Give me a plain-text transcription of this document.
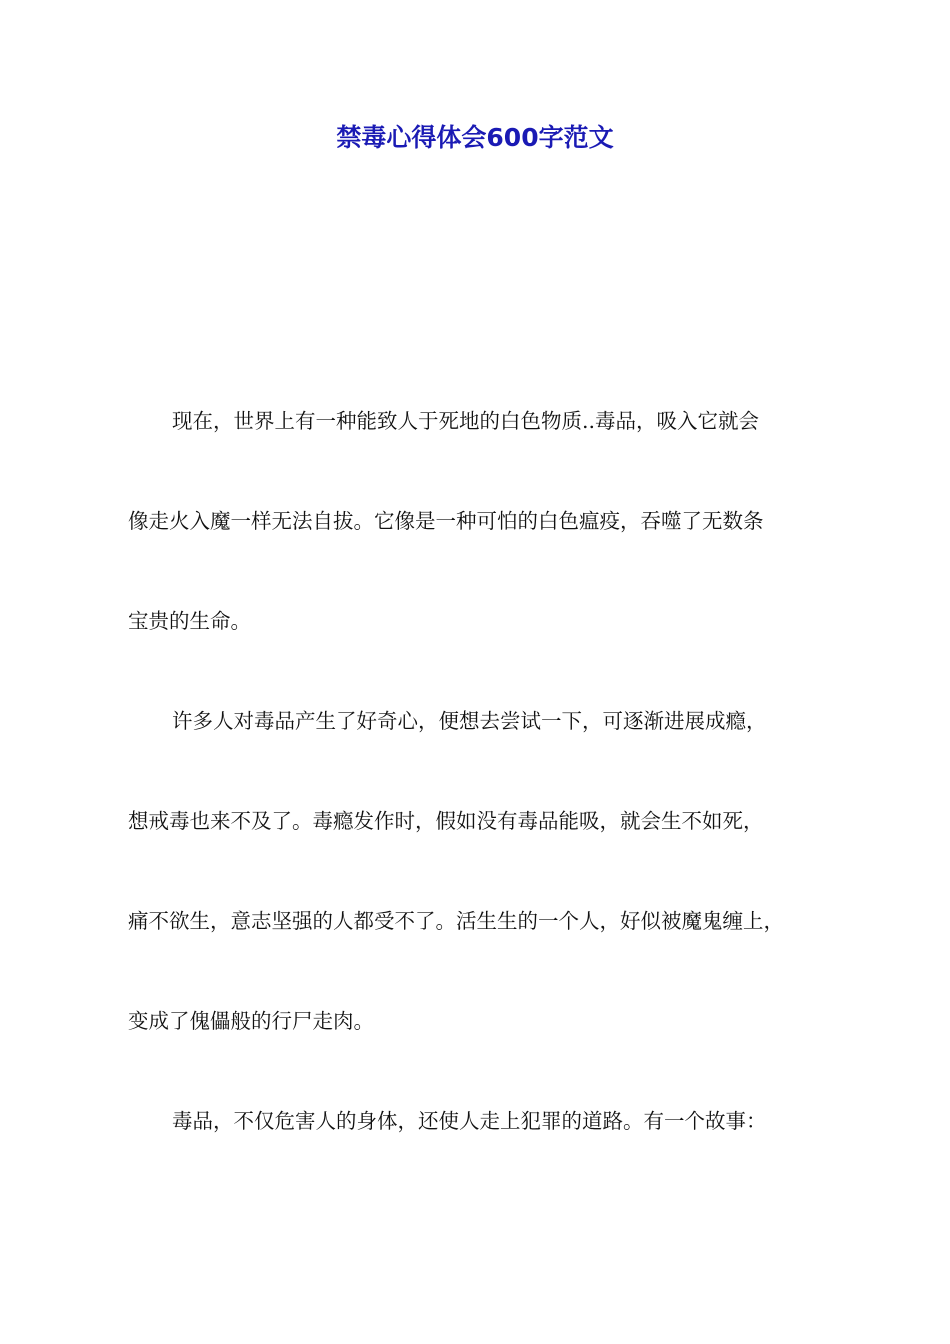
禁毒心得体会600字范文

现在，世界上有一种能致人于死地的白色物质..毒品，吸入它就会

像走火入魔一样无法自拔。它像是一种可怕的白色瘟疫，吞噬了无数条

宝贵的生命。

许多人对毒品产生了好奇心，便想去尝试一下，可逐渐进展成瘾，

想戒毒也来不及了。毒瘾发作时，假如没有毒品能吸，就会生不如死，

痛不欲生，意志坚强的人都受不了。活生生的一个人，好似被魔鬼缠上，

变成了傀儡般的行尸走肉。

毒品，不仅危害人的身体，还使人走上犯罪的道路。有一个故事：
